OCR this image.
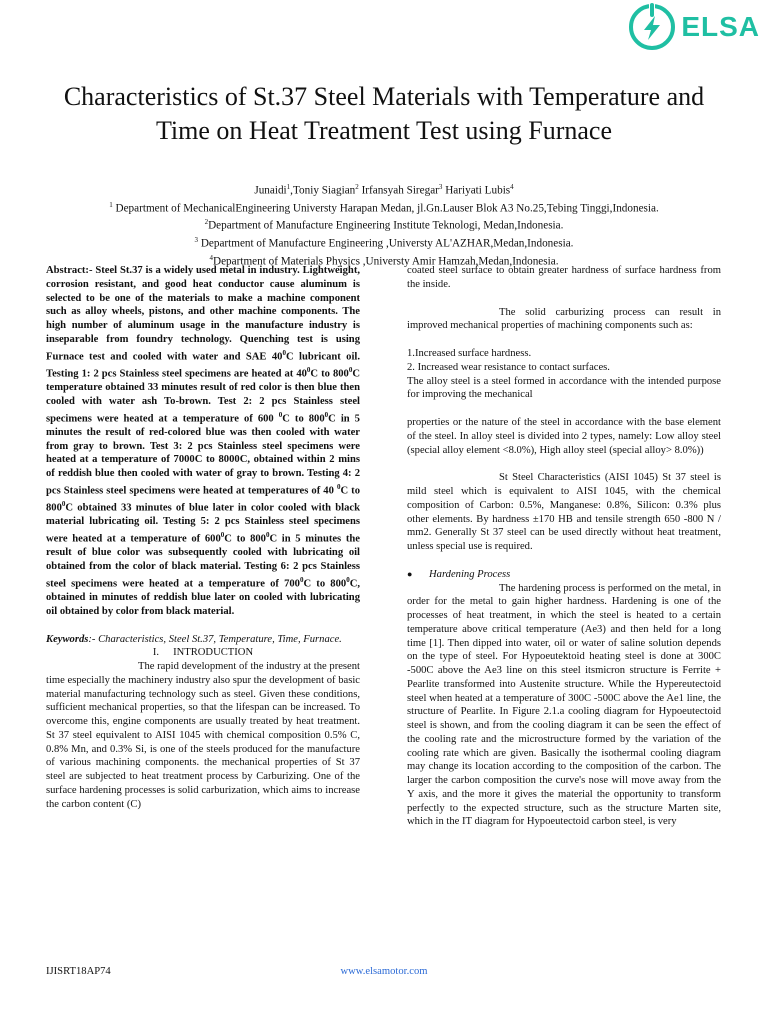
ELSA
Characteristics of St.37 Steel Materials with Temperature and Time on Heat Treatment Test using Furnace
Junaidi$^1$,Toniy Siagian$^2$ Irfansyah Siregar$^3$ Hariyati Lubis$^4$
$^1$ Department of MechanicalEngineering Universty Harapan Medan, jl.Gn.Lauser Blok A3 No.25,Tebing Tinggi,Indonesia.
$^2$Department of Manufacture Engineering Institute Teknologi, Medan,Indonesia.
$^3$ Department of Manufacture Engineering ,Universty AL'AZHAR,Medan,Indonesia.
$^4$Department of Materials Physics ,Universty Amir Hamzah,Medan,Indonesia.

Abstract:- Steel St.37 is a widely used metal in industry. Lightweight, corrosion resistant, and good heat conductor cause aluminum is selected to be one of the materials to make a machine component such as alloy wheels, pistons, and other machine components. The high number of aluminum usage in the manufacture industry is inseparable from foundry technology. Quenching test is using Furnace test and cooled with water and SAE $40^0C$ lubricant oil. Testing 1: 2 pcs Stainless steel specimens are heated at $40^0C$ to $800^0C$ temperature obtained 33 minutes result of red color is then blue then cooled with water ash To-brown. Test 2: 2 pcs Stainless steel specimens were heated at a temperature of 600 $^0$C to $800^0C$ in 5 minutes the result of red-colored blue was then cooled with water from gray to brown. Test 3: 2 pcs Stainless steel specimens were heated at a temperature of 7000C to 8000C, obtained within 2 mins of reddish blue then cooled with water of gray to brown. Testing 4: 2 pcs Stainless steel specimens were heated at temperatures of 40 $^0$C to $800^0C$ obtained 33 minutes of blue later in color cooled with black material lubricating oil. Testing 5: 2 pcs Stainless steel specimens were heated at a temperature of $600^0C$ to $800^0C$ in 5 minutes the result of blue color was subsequently cooled with lubricating oil obtained from the color of black material. Testing 6: 2 pcs Stainless steel specimens were heated at a temperature of $700^0C$ to $800^0C$, obtained in minutes of reddish blue later on cooled with lubricating oil obtained by color from black material.

Keywords:- Characteristics, Steel St.37, Temperature, Time, Furnace.

I. INTRODUCTION

The rapid development of the industry at the present time especially the machinery industry also spur the development of basic material manufacturing technology such as steel. Given these conditions, sufficient mechanical properties, so that the lifespan can be increased. To overcome this, engine components are usually treated by heat treatment. St 37 steel equivalent to AISI 1045 with chemical composition 0.5% C, 0.8% Mn, and 0.3% Si, is one of the steels produced for the manufacture of various machining components. the mechanical properties of St 37 steel are subjected to heat treatment process by Carburizing. One of the surface hardening processes is solid carburization, which aims to increase the carbon content (C)

coated steel surface to obtain greater hardness of surface hardness from the inside.

The solid carburizing process can result in improved mechanical properties of machining components such as:

1.Increased surface hardness.

2. Increased wear resistance to contact surfaces.

The alloy steel is a steel formed in accordance with the intended purpose for improving the mechanical

properties or the nature of the steel in accordance with the base element of the steel. In alloy steel is divided into 2 types, namely: Low alloy steel (special alloy element <8.0%), High alloy steel (special alloy> 8.0%))

St Steel Characteristics (AISI 1045) St 37 steel is mild steel which is equivalent to AISI 1045, with the chemical composition of Carbon: 0.5%, Manganese: 0.8%, Silicon: 0.3% plus other elements. By hardness ±170 HB and tensile strength 650 -800 N / mm2. Generally St 37 steel can be used directly without heat treatment, unless special use is required.

●	Hardening Process

The hardening process is performed on the metal, in order for the metal to gain higher hardness. Hardening is one of the processes of heat treatment, in which the steel is heated to a certain temperature above critical temperature (Ae3) and then held for a long time [1]. Then dipped into water, oil or water of saline solution depends on the type of steel. For Hypoeutektoid heating steel is done at 300C -500C above the Ae3 line on this steel itsmicron structure is Ferrite + Pearlite transformed into Austenite structure. While the Hypereutectoid steel when heated at a temperature of 300C -500C above the Ae1 line, the structure of Pearlite. In Figure 2.1.a cooling diagram for Hypoeutectoid steel is shown, and from the cooling diagram it can be seen the effect of the cooling rate and the microstructure formed by the variation of the cooling rate which are given. Basically the isothermal cooling diagram may change its location according to the composition of the carbon. The larger the carbon composition the curve's nose will move away from the Y axis, and the more it gives the material the opportunity to transform perfectly to the expected structure, such as the structure Marten site, which in the IT diagram for Hypoeutectoid carbon steel, is very

IJISRT18AP74	www.elsamotor.com
